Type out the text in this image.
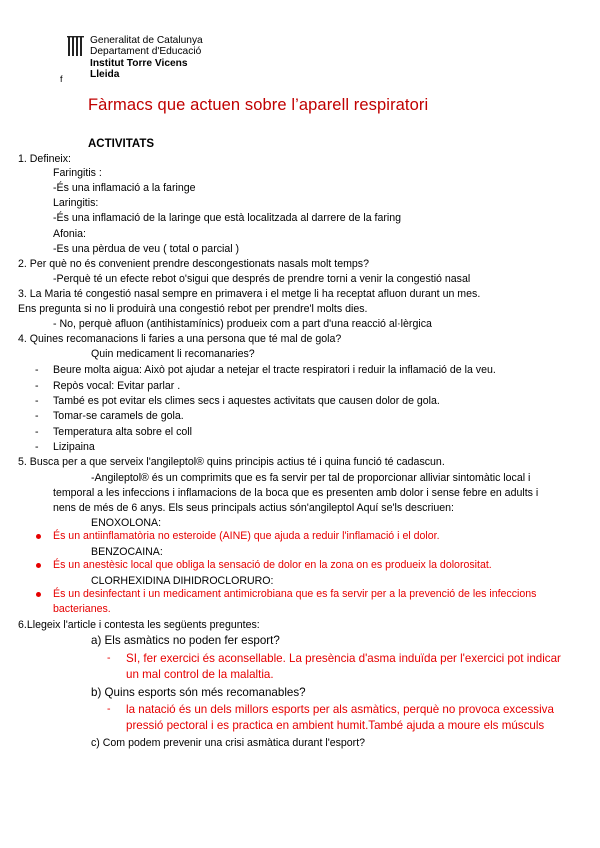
Generalitat de Catalunya
Departament d'Educació
Institut Torre Vicens
Lleida
f
Fàrmacs que actuen sobre l’aparell respiratori
ACTIVITATS
1. Defineix:
Faringitis :
-És una inflamació a la faringe
Laringitis:
-És una inflamació de la laringe que està localitzada al darrere de la faring
Afonia:
-Es una pèrdua de veu ( total o parcial )
2. Per què no és convenient prendre descongestionats nasals molt temps?
-Perquè té un efecte rebot o'sigui que després de prendre torni a venir la congestió nasal
3. La Maria té congestió nasal sempre en primavera i el metge li ha receptat afluon durant un mes.
Ens pregunta si no li produirà una congestió rebot per prendre'l molts dies.
- No, perquè afluon (antihistamínics) produeix com a part d'una reacció al·lèrgica
4. Quines recomanacions li faries a una persona que té mal de gola?
Quin medicament li recomanaries?
- Beure molta aigua: Això pot ajudar a netejar el tracte respiratori i reduir la inflamació de la veu.
- Repòs vocal: Evitar parlar .
- També es pot evitar els climes secs i aquestes activitats que causen dolor de gola.
- Tomar-se caramels de gola.
- Temperatura alta sobre el coll
- Lizipaina
5. Busca per a que serveix l'angileptol® quins principis actius té i quina funció té cadascun.
-Angileptol® és un comprimits que es fa servir per tal de proporcionar alliviar sintomàtic local i
temporal a les infeccions i inflamacions de la boca que es presenten amb dolor i sense febre en adults i
nens de més de 6 anys. Els seus principals actius són'angileptol Aquí se'ls descriuen:
ENOXOLONA:
És un antiinflamatòria no esteroide (AINE) que ajuda a reduir l'inflamació i el dolor.
BENZOCAINA:
És un anestèsic local que obliga la sensació de dolor en la zona on es produeix la dolorositat.
CLORHEXIDINA DIHIDROCLORURO:
És un desinfectant i un medicament antimicrobiana que es fa servir per a la prevenció de les infeccions
bacterianes.
6.Llegeix l'article i contesta les següents preguntes:
a) Els asmàtics no poden fer esport?
- SI, fer exercici és aconsellable. La presència d'asma induïda per l'exercici pot indicar
un mal control de la malaltia.
b) Quins esports són més recomanables?
- la natació és un dels millors esports per als asmàtics, perquè no provoca excessiva
pressió pectoral i es practica en ambient humit.També ajuda a moure els músculs
c) Com podem prevenir una crisi asmàtica durant l'esport?
